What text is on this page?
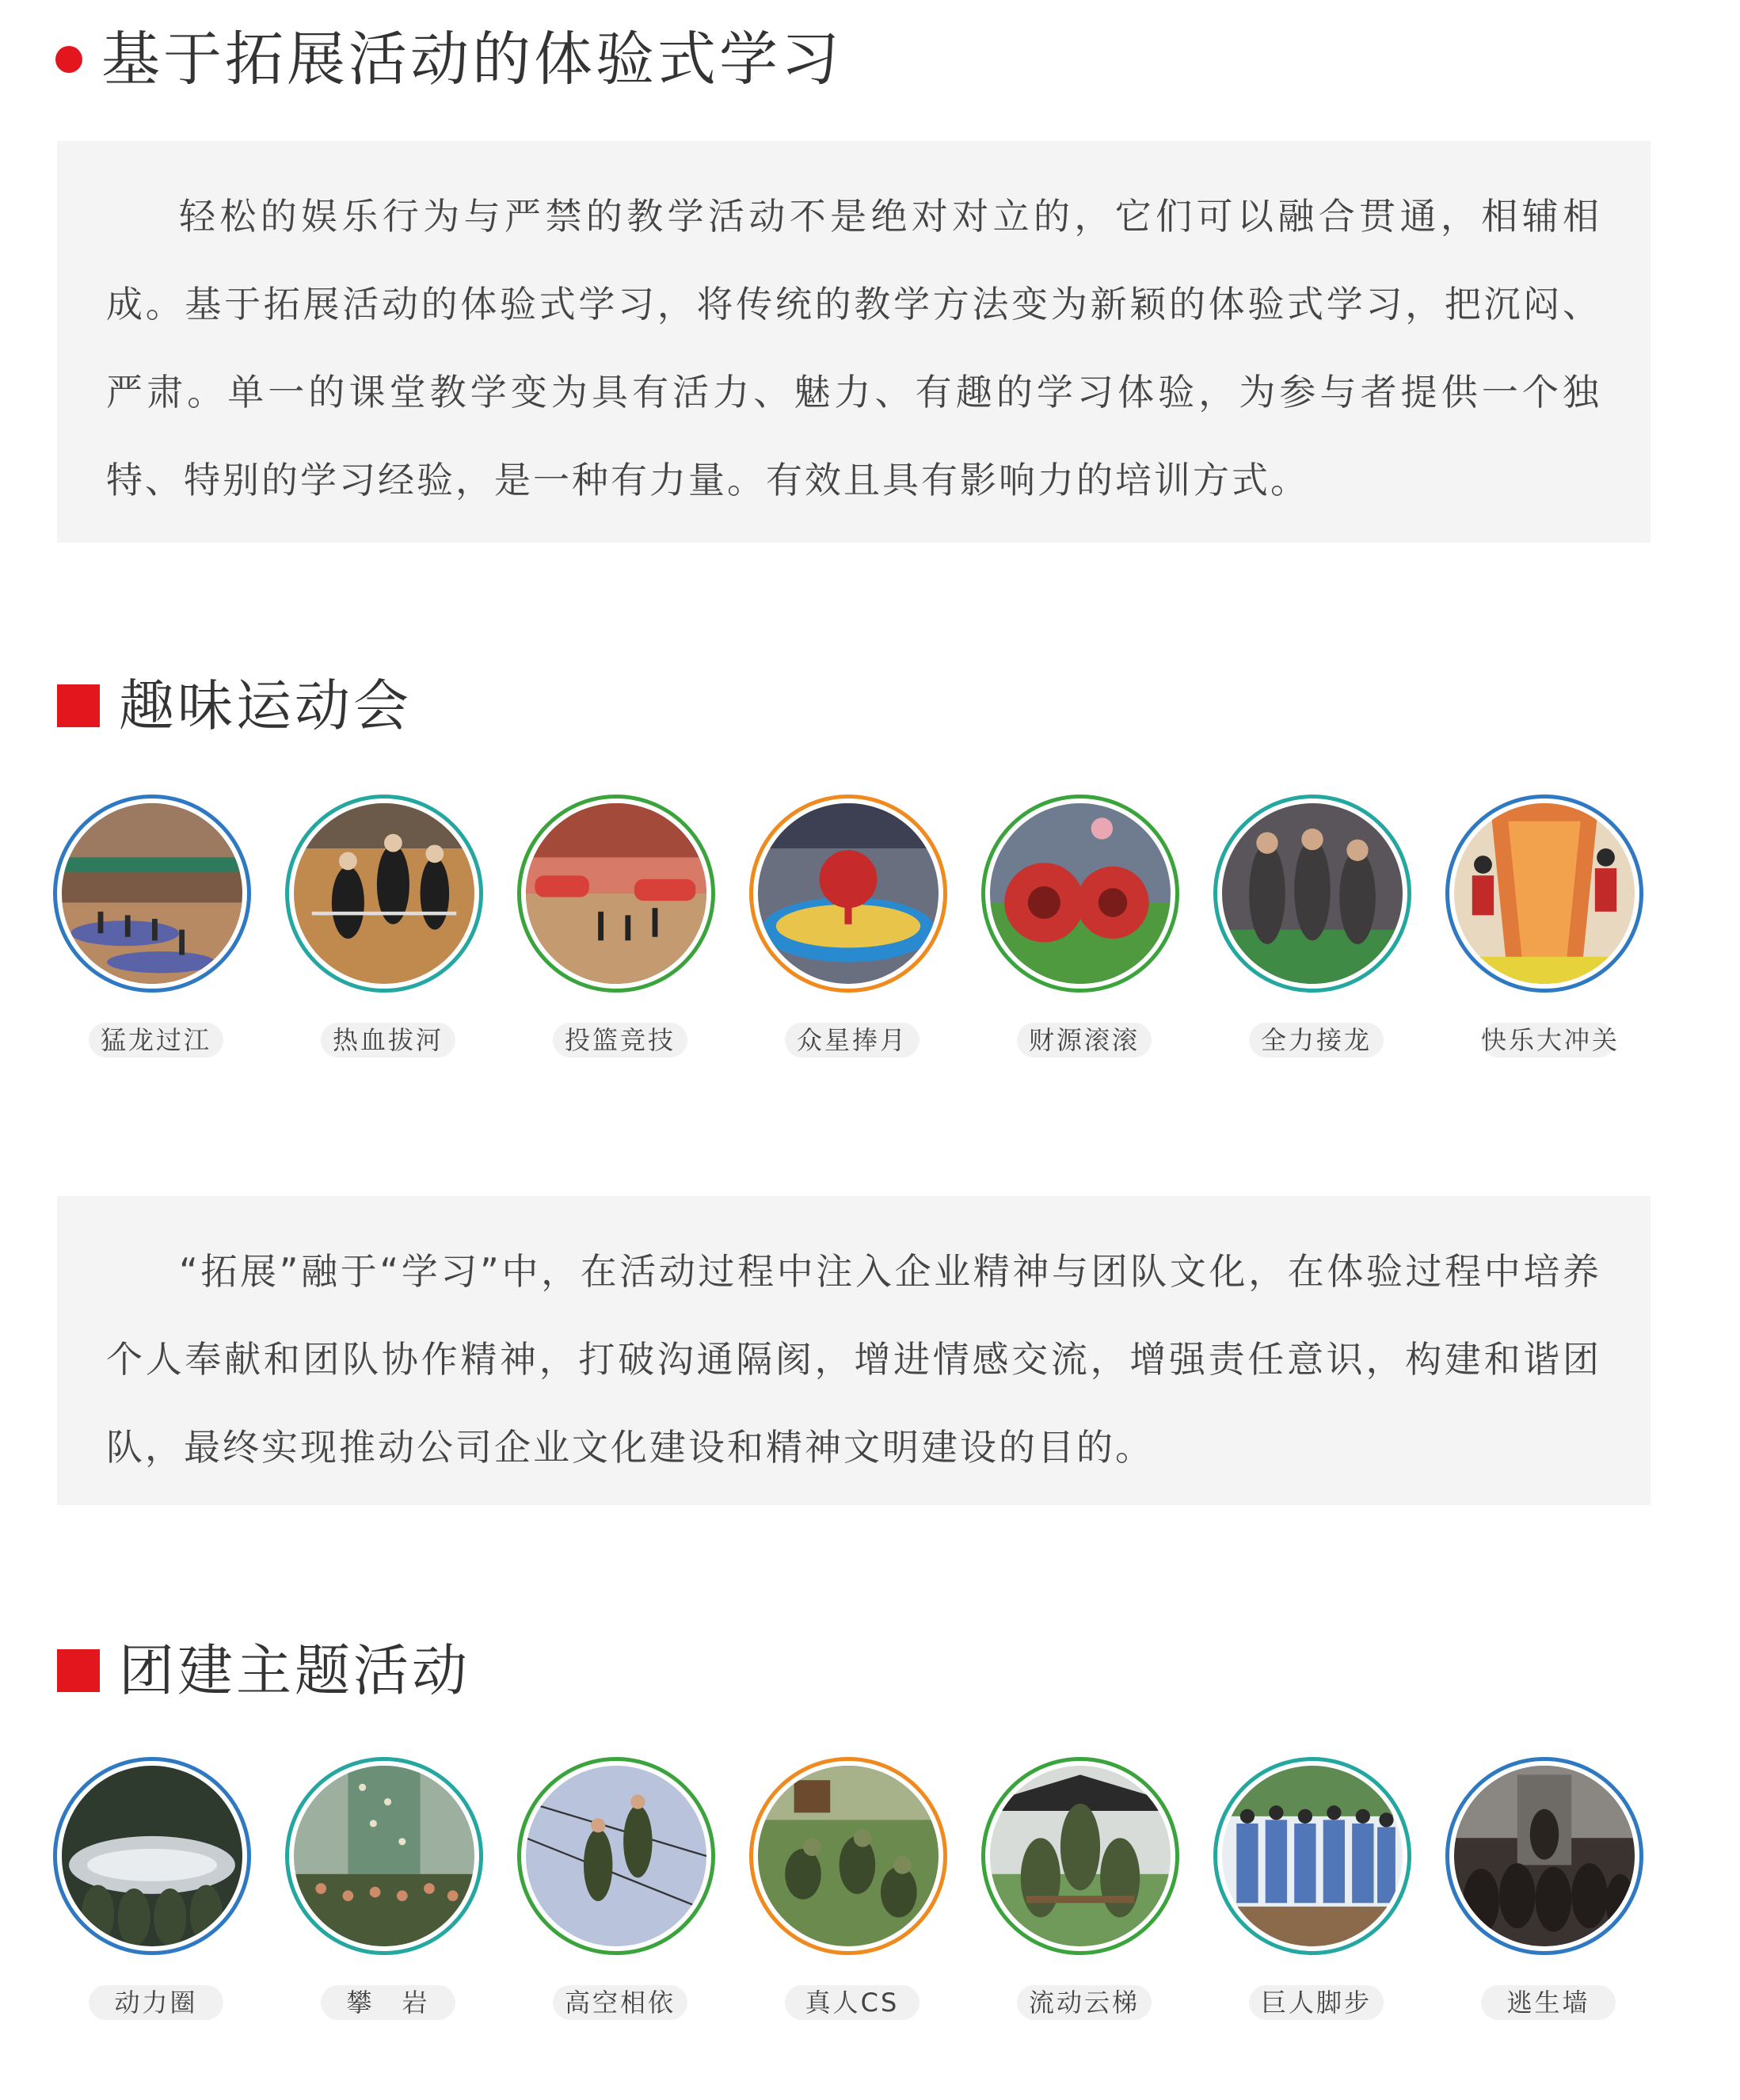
基于拓展活动的体验式学习

轻松的娱乐行为与严禁的教学活动不是绝对对立的，它们可以融合贯通，相辅相成。基于拓展活动的体验式学习，将传统的教学方法变为新颖的体验式学习，把沉闷、严肃。单一的课堂教学变为具有活力、魅力、有趣的学习体验，为参与者提供一个独特、特别的学习经验，是一种有力量。有效且具有影响力的培训方式。

趣味运动会
猛龙过江	热血拔河	投篮竞技	众星捧月	财源滚滚	全力接龙	快乐大冲关

“拓展”融于“学习”中，在活动过程中注入企业精神与团队文化，在体验过程中培养个人奉献和团队协作精神，打破沟通隔阂，增进情感交流，增强责任意识，构建和谐团队，最终实现推动公司企业文化建设和精神文明建设的目的。

团建主题活动
动力圈	攀　岩	高空相依	真人CS	流动云梯	巨人脚步	逃生墙
